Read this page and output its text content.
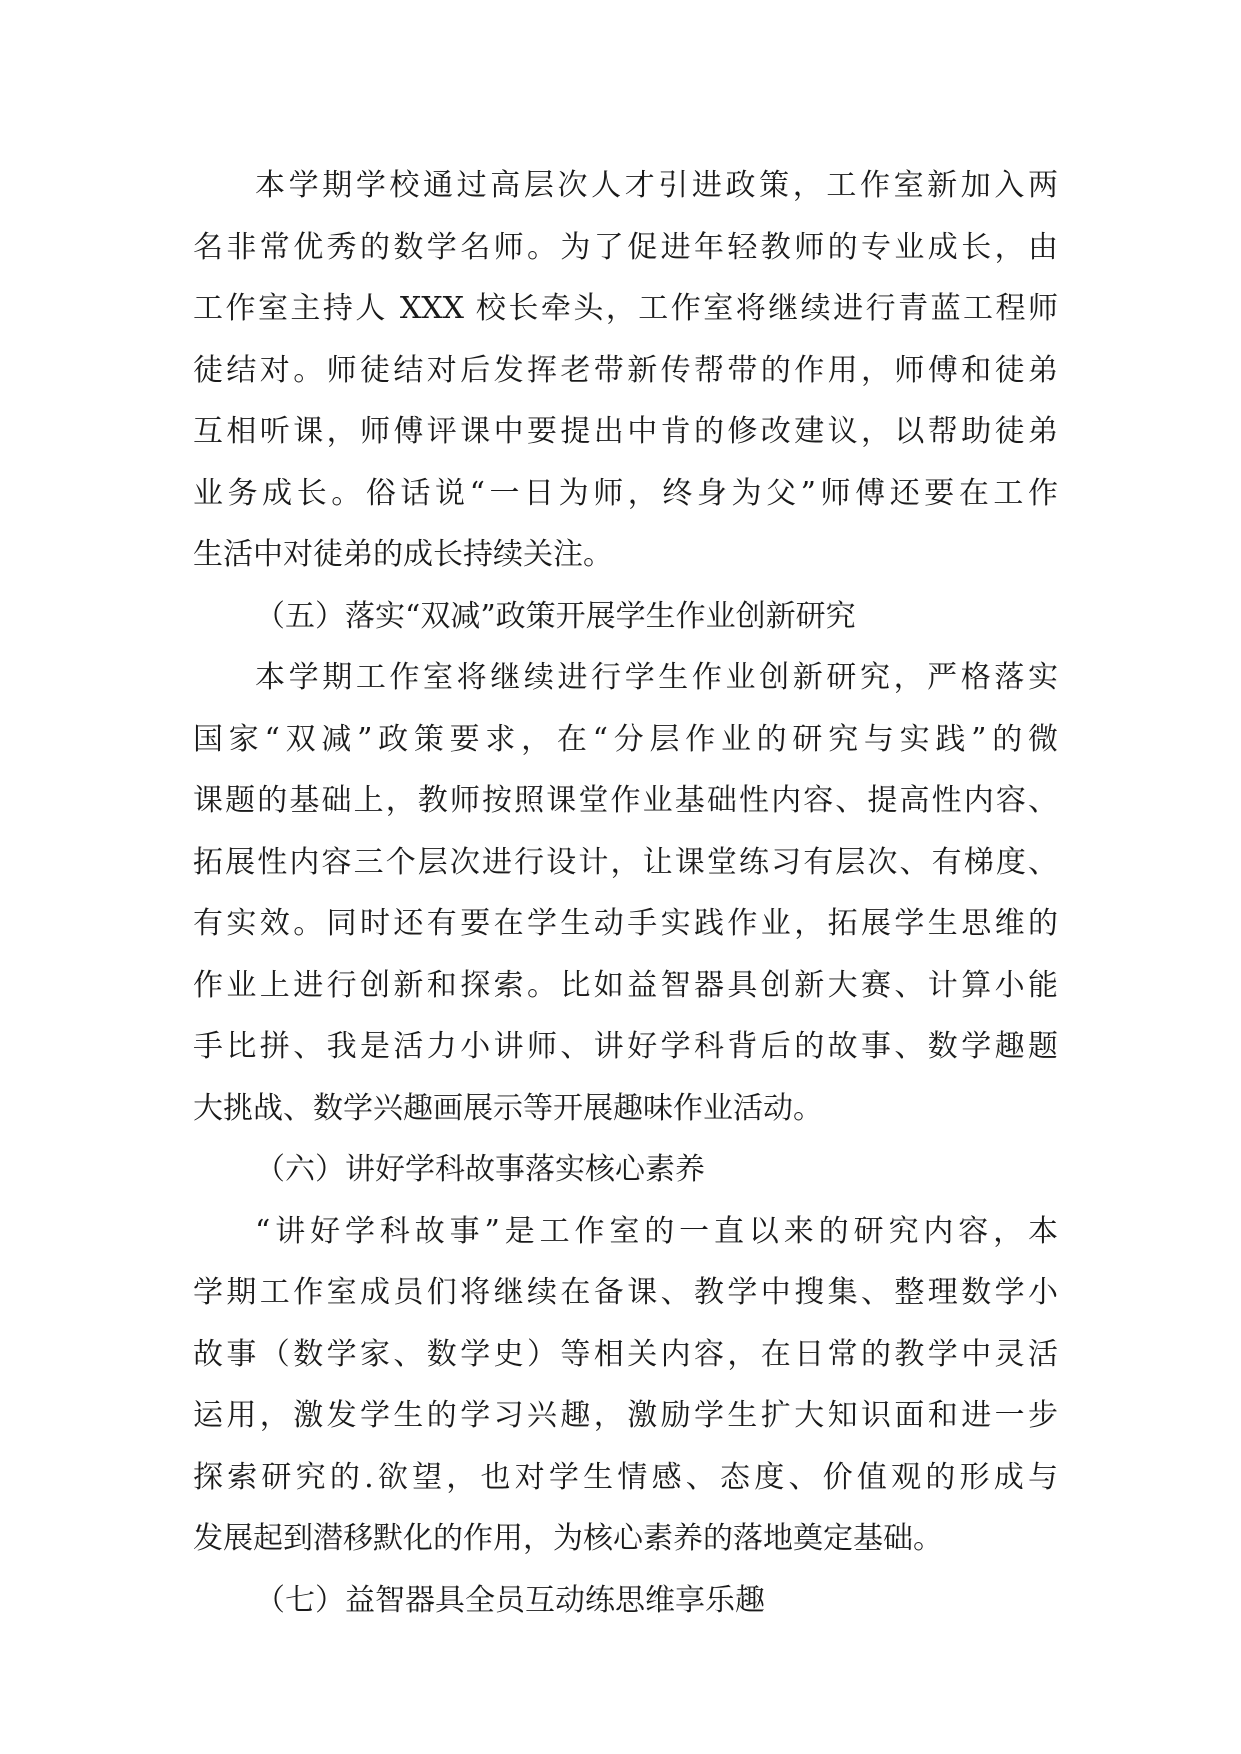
本学期学校通过高层次人才引进政策，工作室新加入两
名非常优秀的数学名师。为了促进年轻教师的专业成长，由
工作室主持人 XXX 校长牵头，工作室将继续进行青蓝工程师
徒结对。师徒结对后发挥老带新传帮带的作用，师傅和徒弟
互相听课，师傅评课中要提出中肯的修改建议，以帮助徒弟
业务成长。俗话说“一日为师，终身为父”师傅还要在工作
生活中对徒弟的成长持续关注。
（五）落实“双减”政策开展学生作业创新研究
本学期工作室将继续进行学生作业创新研究，严格落实
国家“双减”政策要求，在“分层作业的研究与实践”的微
课题的基础上，教师按照课堂作业基础性内容、提高性内容、
拓展性内容三个层次进行设计，让课堂练习有层次、有梯度、
有实效。同时还有要在学生动手实践作业，拓展学生思维的
作业上进行创新和探索。比如益智器具创新大赛、计算小能
手比拼、我是活力小讲师、讲好学科背后的故事、数学趣题
大挑战、数学兴趣画展示等开展趣味作业活动。
（六）讲好学科故事落实核心素养
“讲好学科故事”是工作室的一直以来的研究内容，本
学期工作室成员们将继续在备课、教学中搜集、整理数学小
故事（数学家、数学史）等相关内容，在日常的教学中灵活
运用，激发学生的学习兴趣，激励学生扩大知识面和进一步
探索研究的.欲望，也对学生情感、态度、价值观的形成与
发展起到潜移默化的作用，为核心素养的落地奠定基础。
（七）益智器具全员互动练思维享乐趣
